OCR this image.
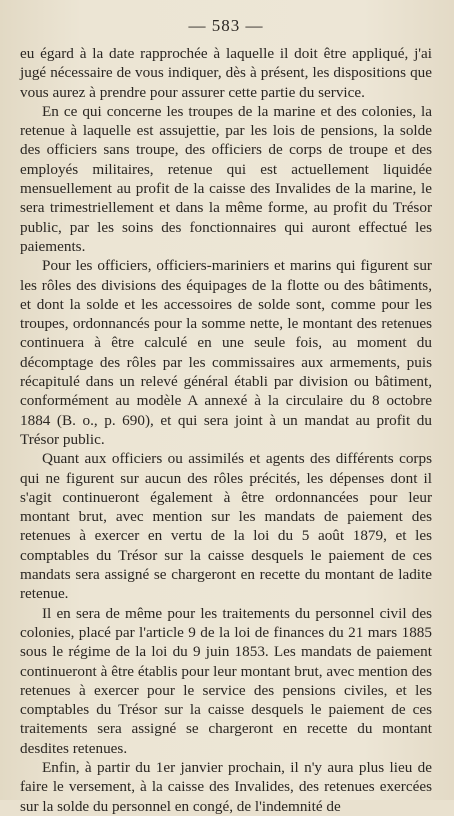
— 583 —

eu égard à la date rapprochée à laquelle il doit être appliqué, j'ai jugé nécessaire de vous indiquer, dès à présent, les dispositions que vous aurez à prendre pour assurer cette partie du service.

En ce qui concerne les troupes de la marine et des colonies, la retenue à laquelle est assujettie, par les lois de pensions, la solde des officiers sans troupe, des officiers de corps de troupe et des employés militaires, retenue qui est actuellement liquidée mensuellement au profit de la caisse des Invalides de la marine, le sera trimestriellement et dans la même forme, au profit du Trésor public, par les soins des fonctionnaires qui auront effectué les paiements.

Pour les officiers, officiers-mariniers et marins qui figurent sur les rôles des divisions des équipages de la flotte ou des bâtiments, et dont la solde et les accessoires de solde sont, comme pour les troupes, ordonnancés pour la somme nette, le montant des retenues continuera à être calculé en une seule fois, au moment du décomptage des rôles par les commissaires aux armements, puis récapitulé dans un relevé général établi par division ou bâtiment, conformément au modèle A annexé à la circulaire du 8 octobre 1884 (B. o., p. 690), et qui sera joint à un mandat au profit du Trésor public.

Quant aux officiers ou assimilés et agents des différents corps qui ne figurent sur aucun des rôles précités, les dépenses dont il s'agit continueront également à être ordonnancées pour leur montant brut, avec mention sur les mandats de paiement des retenues à exercer en vertu de la loi du 5 août 1879, et les comptables du Trésor sur la caisse desquels le paiement de ces mandats sera assigné se chargeront en recette du montant de ladite retenue.

Il en sera de même pour les traitements du personnel civil des colonies, placé par l'article 9 de la loi de finances du 21 mars 1885 sous le régime de la loi du 9 juin 1853. Les mandats de paiement continueront à être établis pour leur montant brut, avec mention des retenues à exercer pour le service des pensions civiles, et les comptables du Trésor sur la caisse desquels le paiement de ces traitements sera assigné se chargeront en recette du montant desdites retenues.

Enfin, à partir du 1er janvier prochain, il n'y aura plus lieu de faire le versement, à la caisse des Invalides, des retenues exercées sur la solde du personnel en congé, de l'indemnité de
